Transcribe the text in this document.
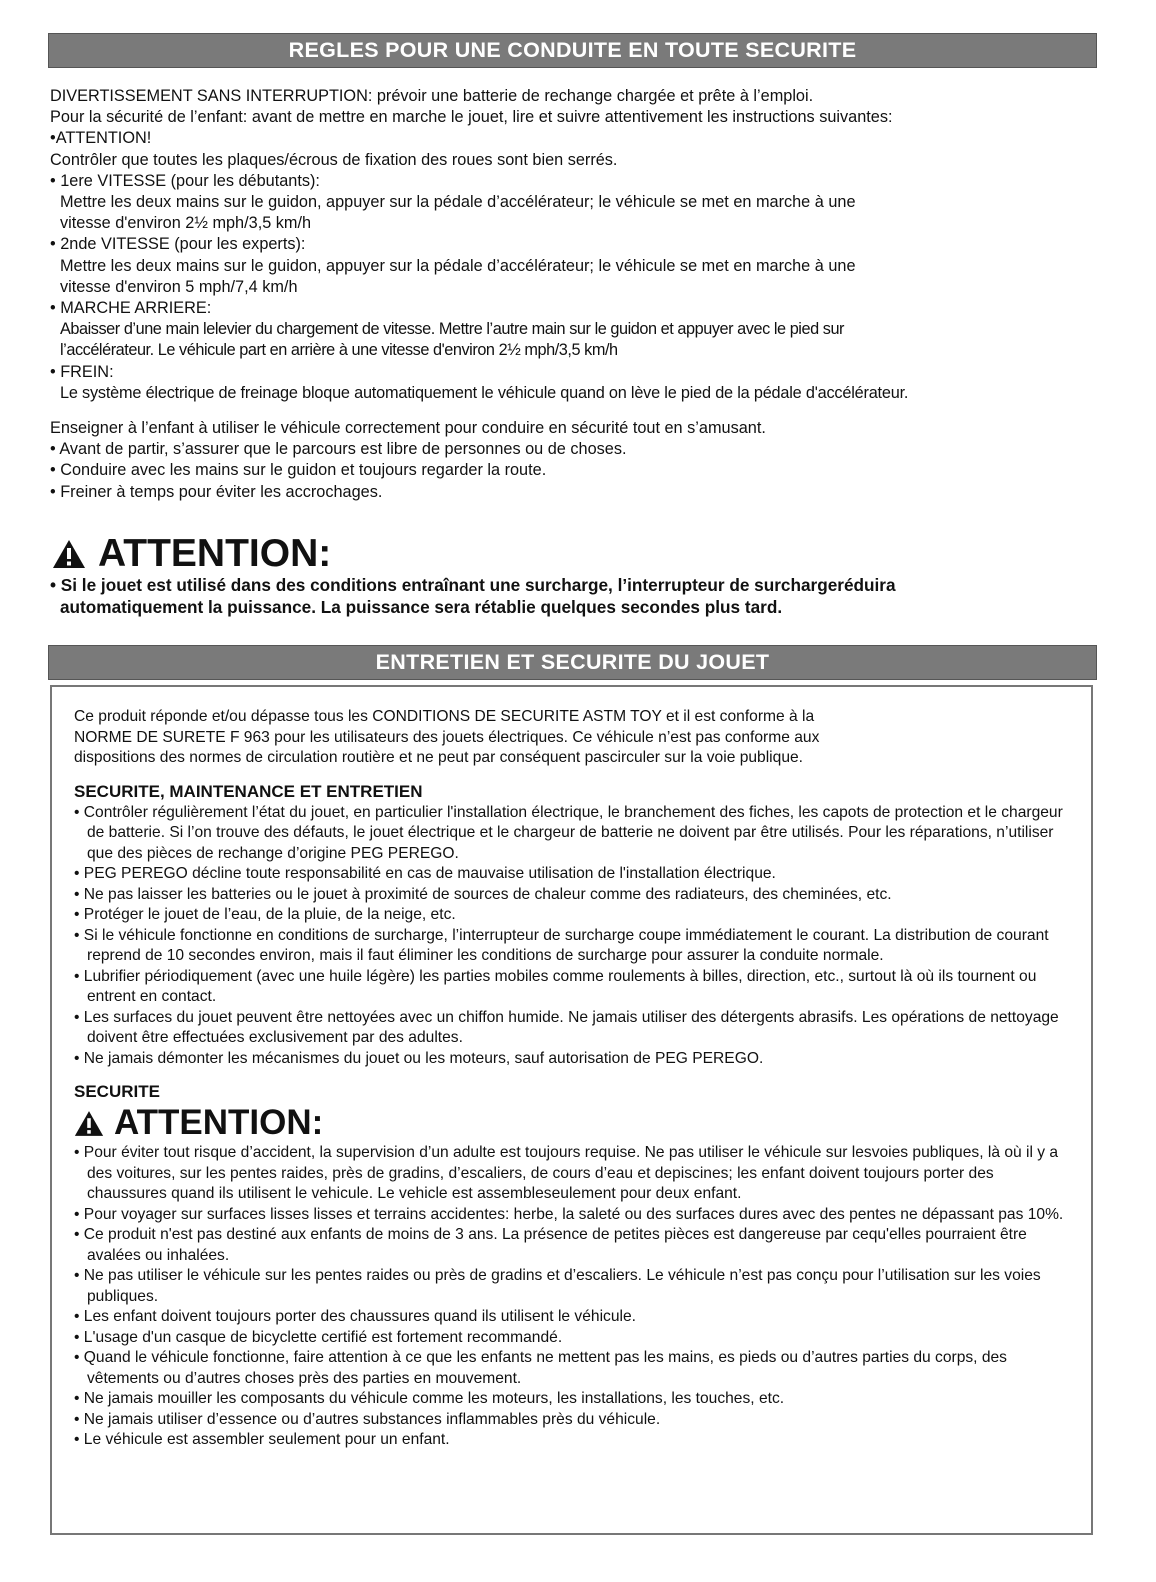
REGLES POUR UNE CONDUITE EN TOUTE SECURITE

DIVERTISSEMENT SANS INTERRUPTION: prévoir une batterie de rechange chargée et prête à l’emploi.

Pour la sécurité de l’enfant: avant de mettre en marche le jouet, lire et suivre attentivement les instructions suivantes:

•ATTENTION!

Contrôler que toutes les plaques/écrous de fixation des roues sont bien serrés.

• 1ere VITESSE (pour les débutants):

Mettre les deux mains sur le guidon, appuyer sur la pédale d’accélérateur; le véhicule se met en marche à une

vitesse d'environ 2½ mph/3,5 km/h

• 2nde VITESSE (pour les experts):

Mettre les deux mains sur le guidon, appuyer sur la pédale d’accélérateur; le véhicule se met en marche à une

vitesse d'environ 5 mph/7,4 km/h

• MARCHE ARRIERE:

Abaisser d’une main lelevier du chargement de vitesse. Mettre l’autre main sur le guidon et appuyer avec le pied sur

l’accélérateur. Le véhicule part en arrière à une vitesse d'environ 2½ mph/3,5 km/h

• FREIN:

Le système électrique de freinage bloque automatiquement le véhicule quand on lève le pied de la pédale d'accélérateur.

Enseigner à l’enfant à utiliser le véhicule correctement pour conduire en sécurité tout en s’amusant.

• Avant de partir, s’assurer que le parcours est libre de personnes ou de choses.

• Conduire avec les mains sur le guidon et toujours regarder la route.

• Freiner à temps pour éviter les accrochages.

ATTENTION:

• Si le jouet est utilisé dans des conditions entraînant une surcharge, l’interrupteur de surchargeréduira

automatiquement la puissance. La puissance sera rétablie quelques secondes plus tard.

ENTRETIEN ET SECURITE DU JOUET

Ce produit réponde et/ou dépasse tous les CONDITIONS DE SECURITE ASTM TOY et il est conforme à la

NORME DE SURETE F 963 pour les utilisateurs des jouets électriques. Ce véhicule n’est pas conforme aux

dispositions des normes de circulation routière et ne peut par conséquent pascirculer sur la voie publique.

SECURITE, MAINTENANCE ET ENTRETIEN

• Contrôler régulièrement l’état du jouet, en particulier l'installation électrique, le branchement des fiches, les capots de protection et le chargeur de batterie. Si l’on trouve des défauts, le jouet électrique et le chargeur de batterie ne doivent par être utilisés. Pour les réparations, n’utiliser que des pièces de rechange d’origine PEG PEREGO.

• PEG PEREGO décline toute responsabilité en cas de mauvaise utilisation de l'installation électrique.

• Ne pas laisser les batteries ou le jouet à proximité de sources de chaleur comme des radiateurs, des cheminées, etc.

• Protéger le jouet de l’eau, de la pluie, de la neige, etc.

• Si le véhicule fonctionne en conditions de surcharge, l’interrupteur de surcharge coupe immédiatement le courant. La distribution de courant reprend de 10 secondes environ, mais il faut éliminer les conditions de surcharge pour assurer la conduite normale.

• Lubrifier périodiquement (avec une huile légère) les parties mobiles comme roulements à billes, direction, etc., surtout là où ils tournent ou entrent en contact.

• Les surfaces du jouet peuvent être nettoyées avec un chiffon humide. Ne jamais utiliser des détergents abrasifs. Les opérations de nettoyage doivent être effectuées exclusivement par des adultes.

• Ne jamais démonter les mécanismes du jouet ou les moteurs, sauf autorisation de PEG PEREGO.

SECURITE

ATTENTION:

• Pour éviter tout risque d’accident, la supervision d’un adulte est toujours requise. Ne pas utiliser le véhicule sur lesvoies publiques, là où il y a des voitures, sur les pentes raides, près de gradins, d’escaliers, de cours d’eau et depiscines; les enfant doivent toujours porter des chaussures quand ils utilisent le vehicule. Le vehicle est assembleseulement pour deux enfant.

• Pour voyager sur surfaces lisses lisses et terrains accidentes: herbe, la saleté ou des surfaces dures avec des pentes ne dépassant pas 10%.

• Ce produit n'est pas destiné aux enfants de moins de 3 ans. La présence de petites pièces est dangereuse par cequ'elles pourraient être avalées ou inhalées.

• Ne pas utiliser le véhicule sur les pentes raides ou près de gradins et d’escaliers. Le véhicule n’est pas conçu pour l’utilisation sur les voies publiques.

• Les enfant doivent toujours porter des chaussures quand ils utilisent le véhicule.

• L'usage d'un casque de bicyclette certifié est fortement recommandé.

• Quand le véhicule fonctionne, faire attention à ce que les enfants ne mettent pas les mains, es pieds ou d’autres parties du corps, des vêtements ou d’autres choses près des parties en mouvement.

• Ne jamais mouiller les composants du véhicule comme les moteurs, les installations, les touches, etc.

• Ne jamais utiliser d’essence ou d’autres substances inflammables près du véhicule.

• Le véhicule est assembler seulement pour un enfant.
